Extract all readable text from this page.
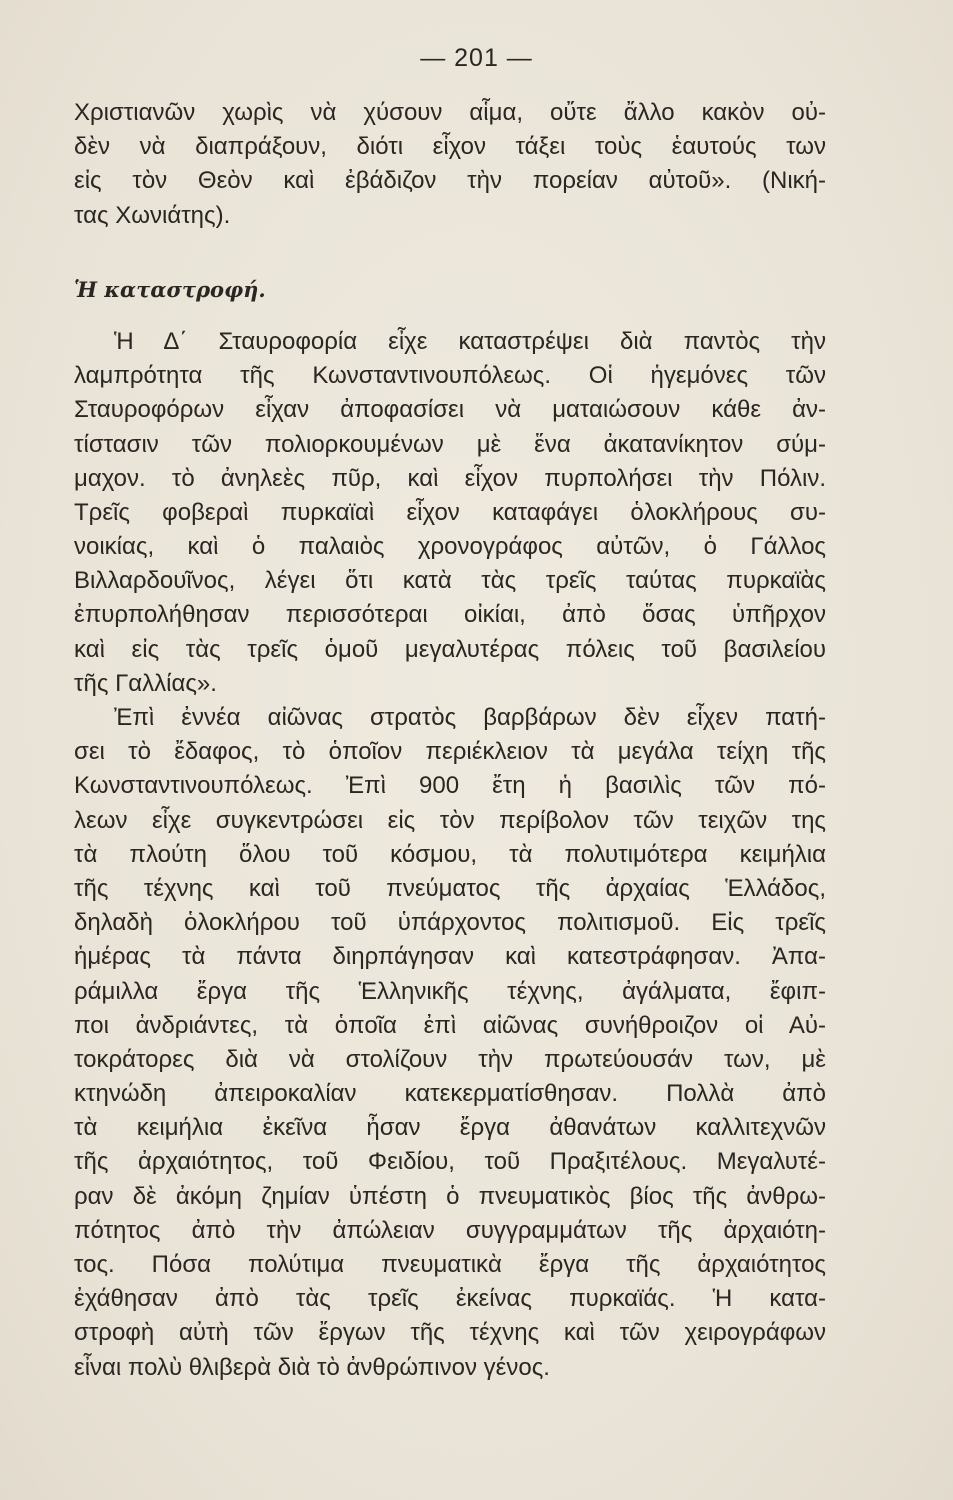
— 201 —
Χριστιανῶν χωρὶς νὰ χύσουν αἷμα, οὔτε ἄλλο κακὸν οὐ-
δὲν νὰ διαπράξουν, διότι εἶχον τάξει τοὺς ἑαυτούς των
εἰς τὸν Θεὸν καὶ ἐβάδιζον τὴν πορείαν αὐτοῦ». (Νική-
τας Χωνιάτης).
Ἡ καταστροφή.
Ἡ Δ΄ Σταυροφορία εἶχε καταστρέψει διὰ παντὸς τὴν
λαμπρότητα τῆς Κωνσταντινουπόλεως. Οἱ ἡγεμόνες τῶν
Σταυροφόρων εἶχαν ἀποφασίσει νὰ ματαιώσουν κάθε ἀν-
τίστασιν τῶν πολιορκουμένων μὲ ἕνα ἀκατανίκητον σύμ-
μαχον. τὸ ἀνηλεὲς πῦρ, καὶ εἶχον πυρπολήσει τὴν Πόλιν.
Τρεῖς φοβεραὶ πυρκαϊαὶ εἶχον καταφάγει ὁλοκλήρους συ-
νοικίας, καὶ ὁ παλαιὸς χρονογράφος αὐτῶν, ὁ Γάλλος
Βιλλαρδουῖνος, λέγει ὅτι κατὰ τὰς τρεῖς ταύτας πυρκαϊὰς
ἐπυρπολήθησαν περισσότεραι οἰκίαι, ἀπὸ ὅσας ὑπῆρχον
καὶ εἰς τὰς τρεῖς ὁμοῦ μεγαλυτέρας πόλεις τοῦ βασιλείου
τῆς Γαλλίας».
Ἐπὶ ἐννέα αἰῶνας στρατὸς βαρβάρων δὲν εἶχεν πατή-
σει τὸ ἔδαφος, τὸ ὁποῖον περιέκλειον τὰ μεγάλα τείχη τῆς
Κωνσταντινουπόλεως. Ἐπὶ 900 ἔτη ἡ βασιλὶς τῶν πό-
λεων εἶχε συγκεντρώσει εἰς τὸν περίβολον τῶν τειχῶν της
τὰ πλούτη ὅλου τοῦ κόσμου, τὰ πολυτιμότερα κειμήλια
τῆς τέχνης καὶ τοῦ πνεύματος τῆς ἀρχαίας Ἑλλάδος,
δηλαδὴ ὁλοκλήρου τοῦ ὑπάρχοντος πολιτισμοῦ. Εἰς τρεῖς
ἡμέρας τὰ πάντα διηρπάγησαν καὶ κατεστράφησαν. Ἀπα-
ράμιλλα ἔργα τῆς Ἑλληνικῆς τέχνης, ἀγάλματα, ἔφιπ-
ποι ἀνδριάντες, τὰ ὁποῖα ἐπὶ αἰῶνας συνήθροιζον οἱ Αὐ-
τοκράτορες διὰ νὰ στολίζουν τὴν πρωτεύουσάν των, μὲ
κτηνώδη ἀπειροκαλίαν κατεκερματίσθησαν. Πολλὰ ἀπὸ
τὰ κειμήλια ἐκεῖνα ἦσαν ἔργα ἀθανάτων καλλιτεχνῶν
τῆς ἀρχαιότητος, τοῦ Φειδίου, τοῦ Πραξιτέλους. Μεγαλυτέ-
ραν δὲ ἀκόμη ζημίαν ὑπέστη ὁ πνευματικὸς βίος τῆς ἀνθρω-
πότητος ἀπὸ τὴν ἀπώλειαν συγγραμμάτων τῆς ἀρχαιότη-
τος. Πόσα πολύτιμα πνευματικὰ ἔργα τῆς ἀρχαιότητος
ἐχάθησαν ἀπὸ τὰς τρεῖς ἐκείνας πυρκαϊάς. Ἡ κατα-
στροφὴ αὐτὴ τῶν ἔργων τῆς τέχνης καὶ τῶν χειρογράφων
εἶναι πολὺ θλιβερὰ διὰ τὸ ἀνθρώπινον γένος.
